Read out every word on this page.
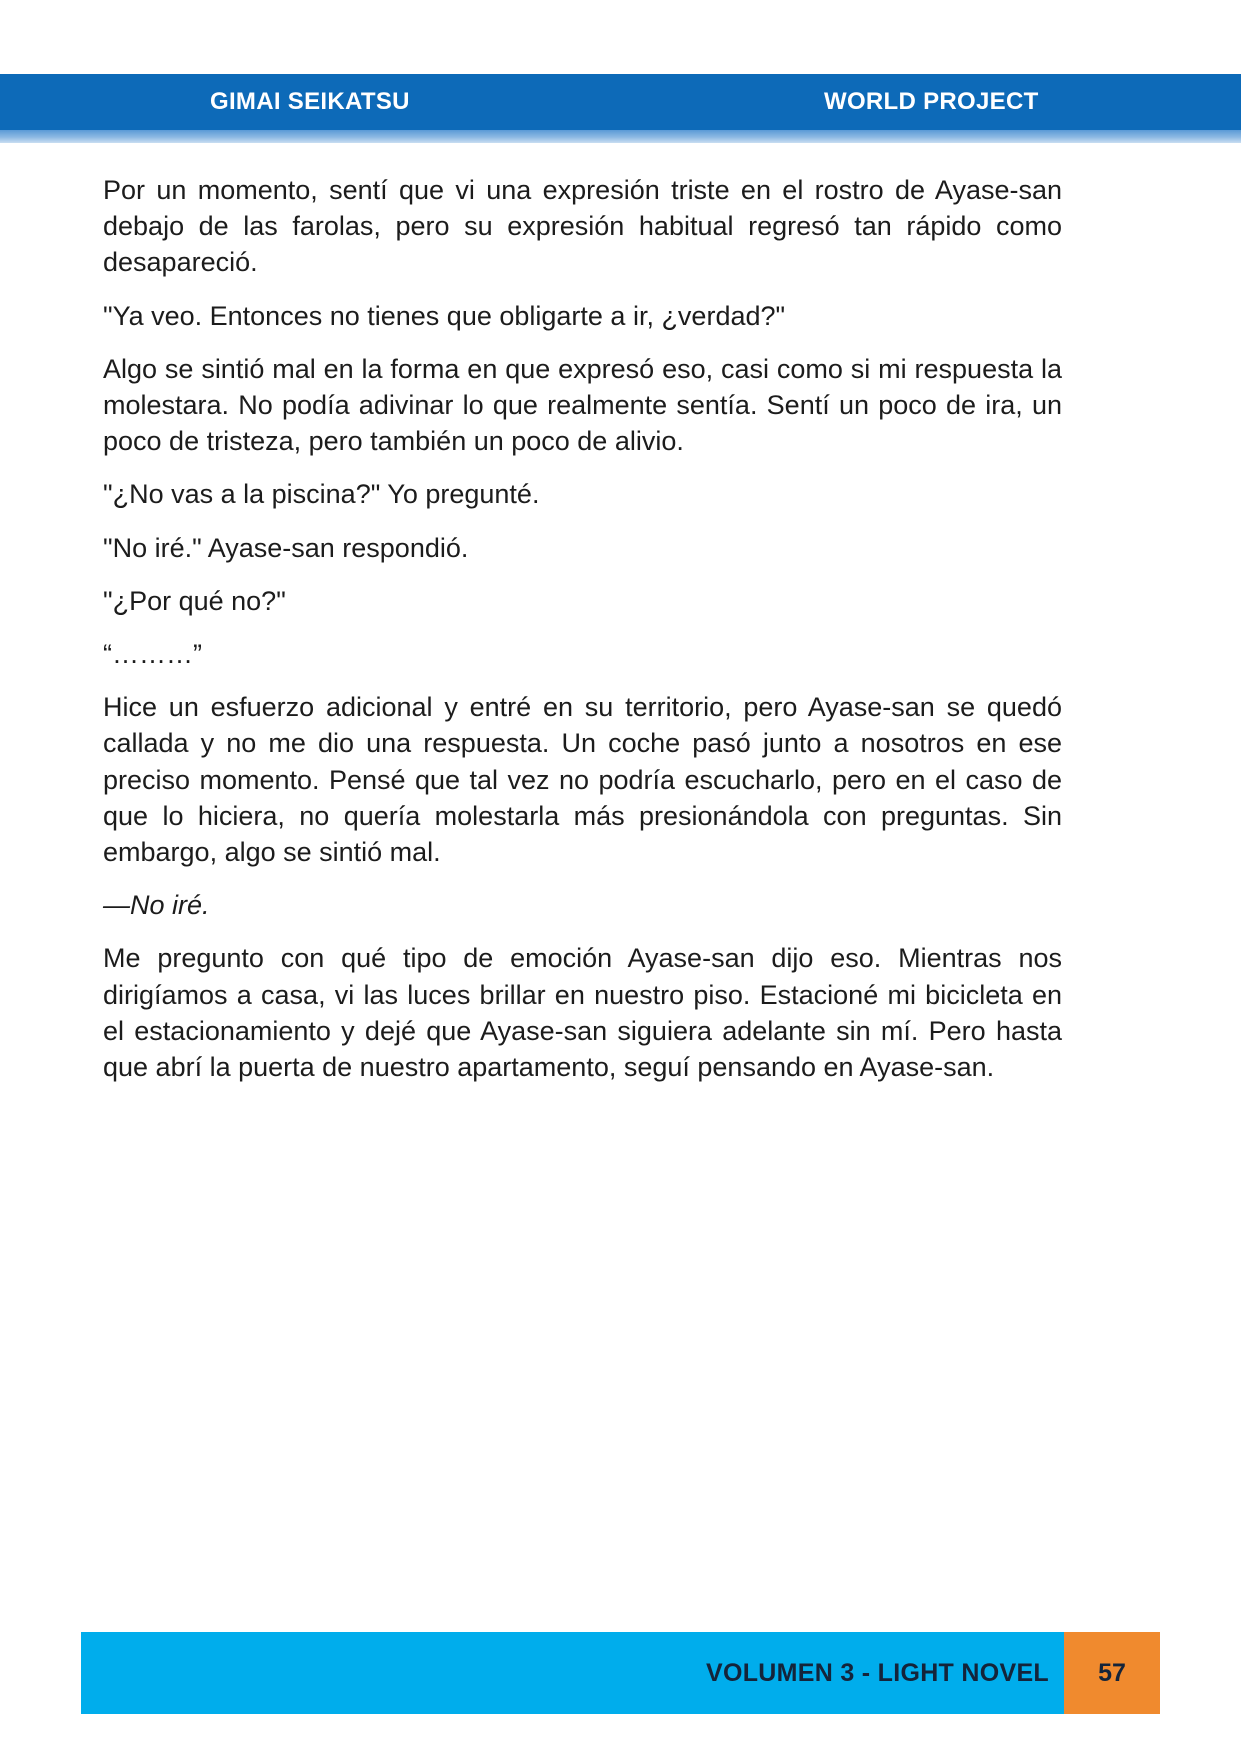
GIMAI SEIKATSU	WORLD PROJECT

Por un momento, sentí que vi una expresión triste en el rostro de Ayase-san debajo de las farolas, pero su expresión habitual regresó tan rápido como desapareció.

"Ya veo. Entonces no tienes que obligarte a ir, ¿verdad?"

Algo se sintió mal en la forma en que expresó eso, casi como si mi respuesta la molestara. No podía adivinar lo que realmente sentía. Sentí un poco de ira, un poco de tristeza, pero también un poco de alivio.

"¿No vas a la piscina?" Yo pregunté.

"No iré." Ayase-san respondió.

"¿Por qué no?"

“………”

Hice un esfuerzo adicional y entré en su territorio, pero Ayase-san se quedó callada y no me dio una respuesta. Un coche pasó junto a nosotros en ese preciso momento. Pensé que tal vez no podría escucharlo, pero en el caso de que lo hiciera, no quería molestarla más presionándola con preguntas. Sin embargo, algo se sintió mal.

—No iré.

Me pregunto con qué tipo de emoción Ayase-san dijo eso. Mientras nos dirigíamos a casa, vi las luces brillar en nuestro piso. Estacioné mi bicicleta en el estacionamiento y dejé que Ayase-san siguiera adelante sin mí. Pero hasta que abrí la puerta de nuestro apartamento, seguí pensando en Ayase-san.

VOLUMEN 3 - LIGHT NOVEL	57
